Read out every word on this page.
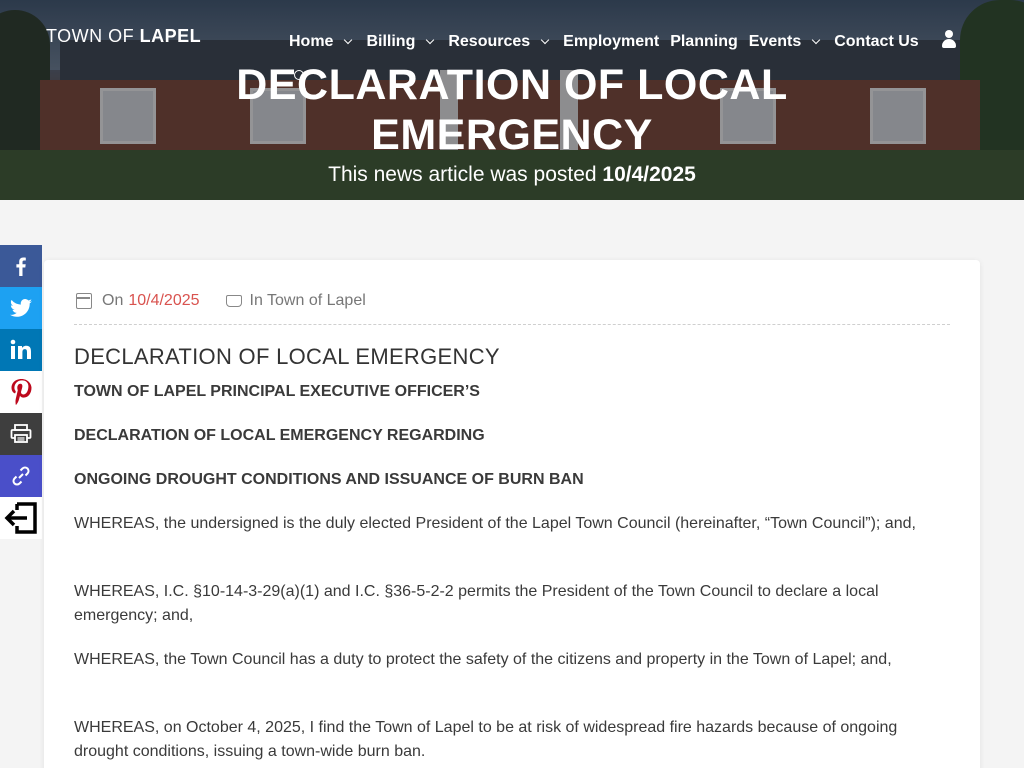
TOWN OF LAPEL	Home Billing Resources Employment Planning Events Contact Us
DECLARATION OF LOCAL
EMERGENCY
This news article was posted 10/4/2025
On 10/4/2025	In Town of Lapel
DECLARATION OF LOCAL EMERGENCY
TOWN OF LAPEL PRINCIPAL EXECUTIVE OFFICER’S
DECLARATION OF LOCAL EMERGENCY REGARDING
ONGOING DROUGHT CONDITIONS AND ISSUANCE OF BURN BAN
WHEREAS, the undersigned is the duly elected President of the Lapel Town Council (hereinafter, “Town Council”); and,
WHEREAS, I.C. §10-14-3-29(a)(1) and I.C. §36-5-2-2 permits the President of the Town Council to declare a local emergency; and,
WHEREAS, the Town Council has a duty to protect the safety of the citizens and property in the Town of Lapel; and,
WHEREAS, on October 4, 2025, I find the Town of Lapel to be at risk of widespread fire hazards because of ongoing drought conditions, issuing a town-wide burn ban.
